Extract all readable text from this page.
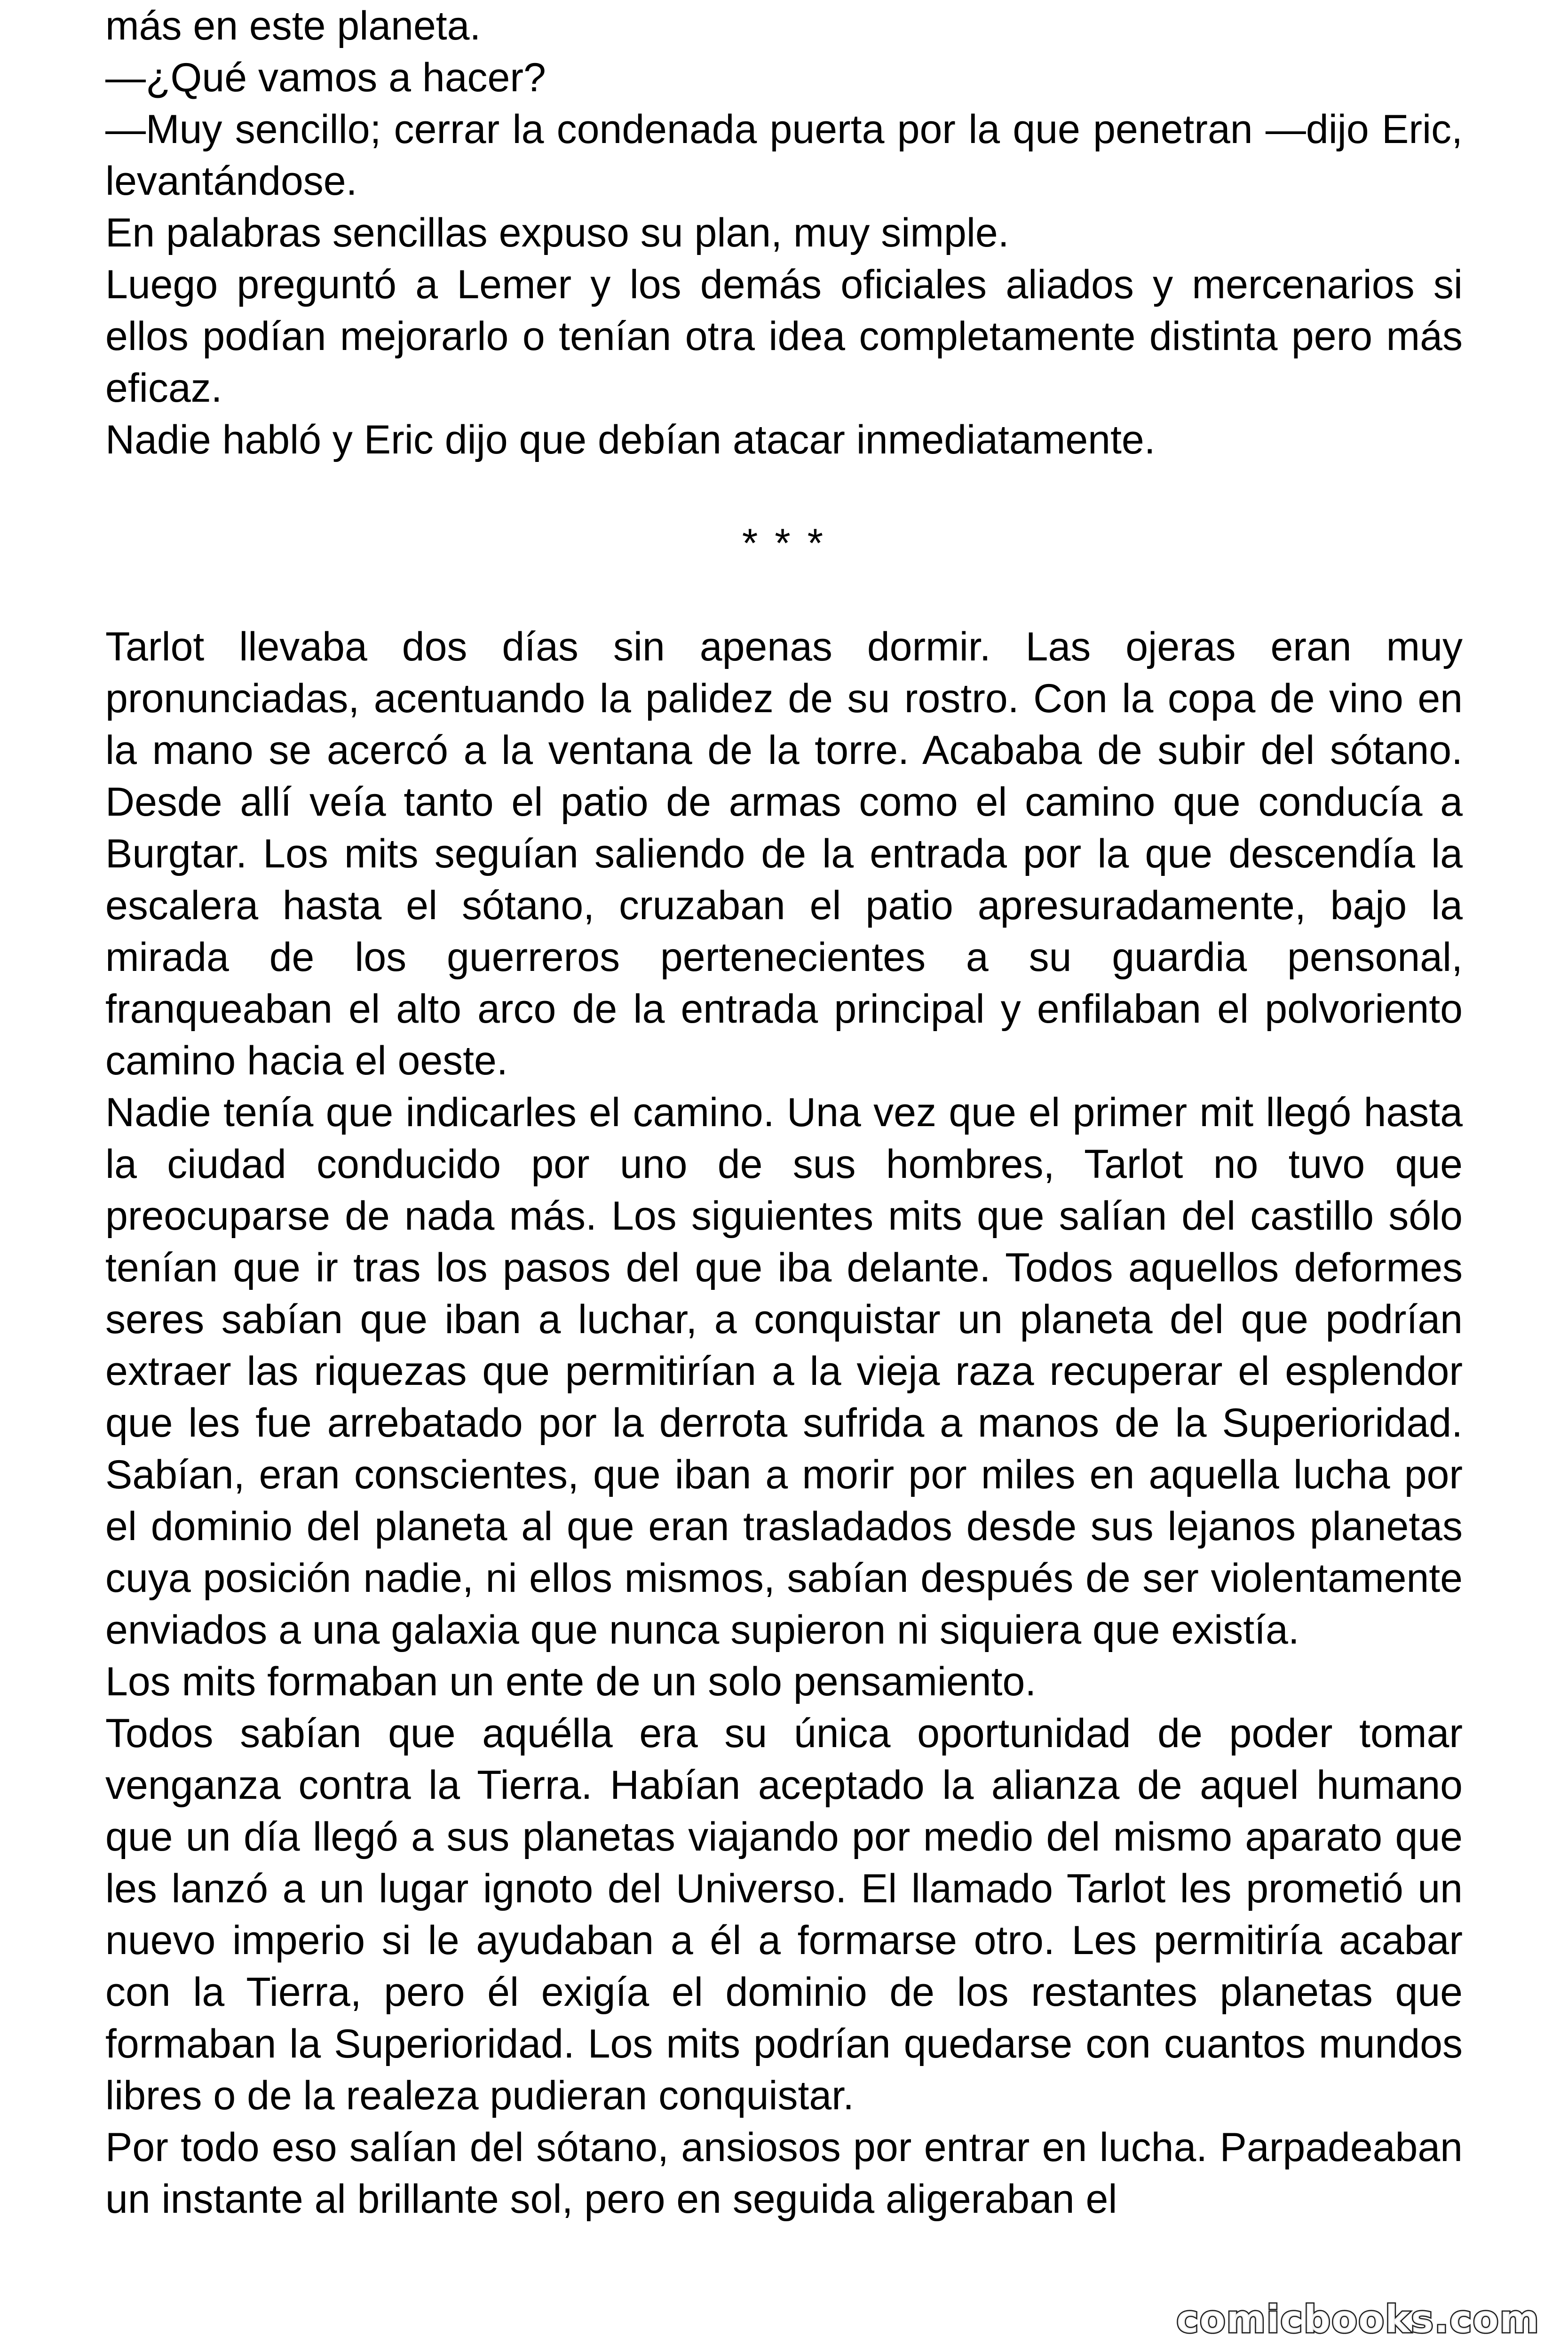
más en este planeta.

—¿Qué vamos a hacer?

—Muy sencillo; cerrar la condenada puerta por la que penetran —dijo Eric, levantándose.

En palabras sencillas expuso su plan, muy simple.

Luego preguntó a Lemer y los demás oficiales aliados y mercenarios si ellos podían mejorarlo o tenían otra idea completamente distinta pero más eficaz.

Nadie habló y Eric dijo que debían atacar inmediatamente.

* * *

Tarlot llevaba dos días sin apenas dormir. Las ojeras eran muy pronunciadas, acentuando la palidez de su rostro. Con la copa de vino en la mano se acercó a la ventana de la torre. Acababa de subir del sótano. Desde allí veía tanto el patio de armas como el camino que conducía a Burgtar. Los mits seguían saliendo de la entrada por la que descendía la escalera hasta el sótano, cruzaban el patio apresuradamente, bajo la mirada de los guerreros pertenecientes a su guardia pensonal, franqueaban el alto arco de la entrada principal y enfilaban el polvoriento camino hacia el oeste.

Nadie tenía que indicarles el camino. Una vez que el primer mit llegó hasta la ciudad conducido por uno de sus hombres, Tarlot no tuvo que preocuparse de nada más. Los siguientes mits que salían del castillo sólo tenían que ir tras los pasos del que iba delante. Todos aquellos deformes seres sabían que iban a luchar, a conquistar un planeta del que podrían extraer las riquezas que permitirían a la vieja raza recuperar el esplendor que les fue arrebatado por la derrota sufrida a manos de la Superioridad. Sabían, eran conscientes, que iban a morir por miles en aquella lucha por el dominio del planeta al que eran trasladados desde sus lejanos planetas cuya posición nadie, ni ellos mismos, sabían después de ser violentamente enviados a una galaxia que nunca supieron ni siquiera que existía.

Los mits formaban un ente de un solo pensamiento.

Todos sabían que aquélla era su única oportunidad de poder tomar venganza contra la Tierra. Habían aceptado la alianza de aquel humano que un día llegó a sus planetas viajando por medio del mismo aparato que les lanzó a un lugar ignoto del Universo. El llamado Tarlot les prometió un nuevo imperio si le ayudaban a él a formarse otro. Les permitiría acabar con la Tierra, pero él exigía el dominio de los restantes planetas que formaban la Superioridad. Los mits podrían quedarse con cuantos mundos libres o de la realeza pudieran conquistar.

Por todo eso salían del sótano, ansiosos por entrar en lucha. Parpadeaban un instante al brillante sol, pero en seguida aligeraban el

comicbooks.com
